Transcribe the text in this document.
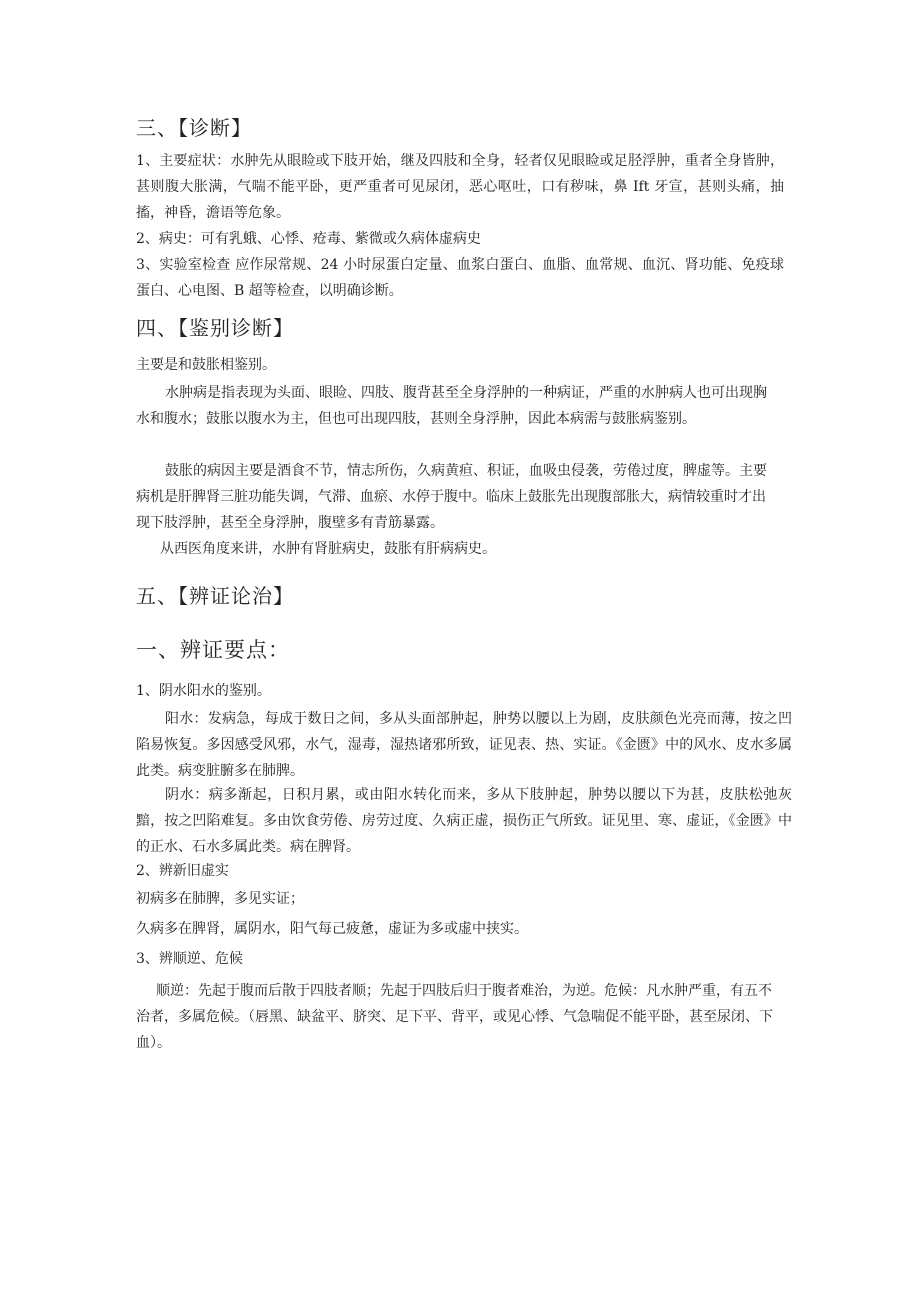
三、【诊断】

1、主要症状：水肿先从眼睑或下肢开始，继及四肢和全身，轻者仅见眼睑或足胫浮肿，重者全身皆肿，甚则腹大胀满，气喘不能平卧，更严重者可见尿闭，恶心呕吐，口有秽味，鼻 Ift 牙宣，甚则头痛，抽搐，神昏，澹语等危象。

2、病史：可有乳蛾、心悸、疮毒、紫微或久病体虚病史

3、实验室检查 应作尿常规、24 小时尿蛋白定量、血浆白蛋白、血脂、血常规、血沉、肾功能、免疫球蛋白、心电图、B 超等检查，以明确诊断。

四、【鉴别诊断】

主要是和鼓胀相鉴别。

水肿病是指表现为头面、眼睑、四肢、腹背甚至全身浮肿的一种病证，严重的水肿病人也可出现胸水和腹水；鼓胀以腹水为主，但也可出现四肢，甚则全身浮肿，因此本病需与鼓胀病鉴别。

鼓胀的病因主要是酒食不节，情志所伤，久病黄疸、积证，血吸虫侵袭，劳倦过度，脾虚等。主要病机是肝脾肾三脏功能失调，气滞、血瘀、水停于腹中。临床上鼓胀先出现腹部胀大，病情较重时才出现下肢浮肿，甚至全身浮肿，腹壁多有青筋暴露。

从西医角度来讲，水肿有肾脏病史，鼓胀有肝病病史。

五、【辨证论治】
一、辨证要点：

1、阴水阳水的鉴别。

阳水：发病急，每成于数日之间，多从头面部肿起，肿势以腰以上为剧，皮肤颜色光亮而薄，按之凹陷易恢复。多因感受风邪，水气，湿毒，湿热诸邪所致，证见表、热、实证。《金匮》中的风水、皮水多属此类。病变脏腑多在肺脾。

阴水：病多渐起，日积月累，或由阳水转化而来，多从下肢肿起，肿势以腰以下为甚，皮肤松弛灰黯，按之凹陷难复。多由饮食劳倦、房劳过度、久病正虚，损伤正气所致。证见里、寒、虚证，《金匮》中的正水、石水多属此类。病在脾肾。

2、辨新旧虚实

初病多在肺脾，多见实证；

久病多在脾肾，属阴水，阳气每己疲惫，虚证为多或虚中挟实。

3、辨顺逆、危候

顺逆：先起于腹而后散于四肢者顺；先起于四肢后归于腹者难治，为逆。危候：凡水肿严重，有五不治者，多属危候。（唇黑、缺盆平、脐突、足下平、背平，或见心悸、气急喘促不能平卧，甚至尿闭、下血）。
